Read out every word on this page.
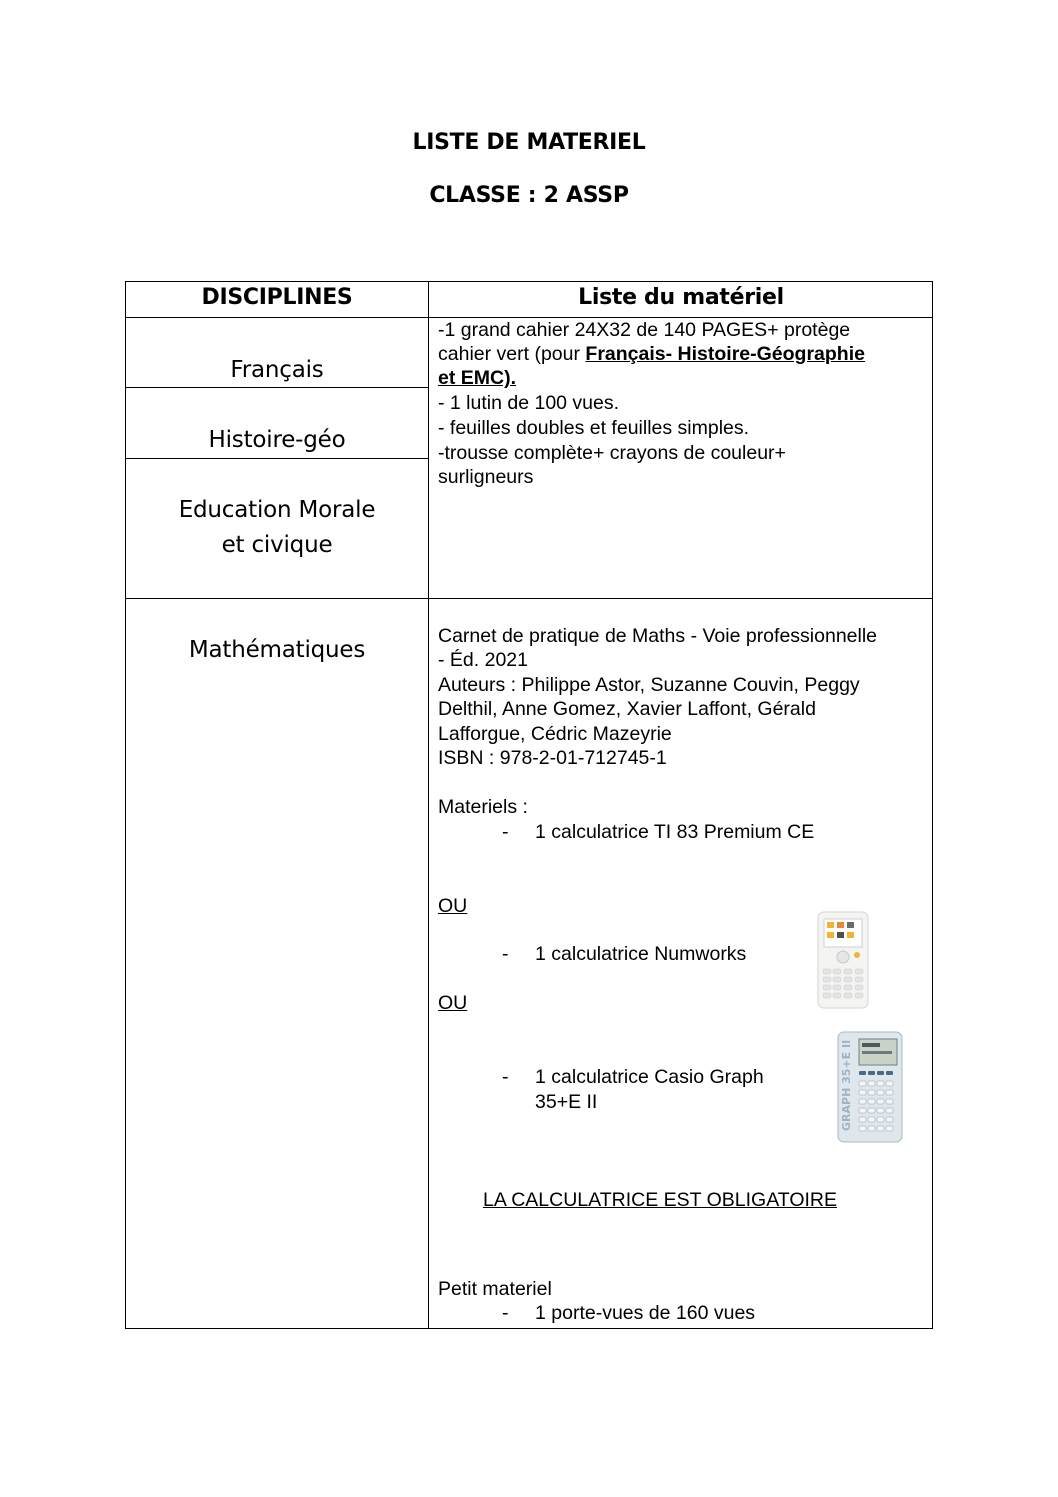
LISTE DE MATERIEL
CLASSE : 2 ASSP
DISCIPLINES	Liste du matériel
Français
Histoire-géo
Education Morale et civique
Mathématiques
-1 grand cahier 24X32 de 140 PAGES+ protège
cahier vert (pour Français- Histoire-Géographie
et EMC).
- 1 lutin de 100 vues.
- feuilles doubles et feuilles simples.
-trousse complète+ crayons de couleur+
surligneurs
Carnet de pratique de Maths - Voie professionnelle
- Éd. 2021
Auteurs : Philippe Astor, Suzanne Couvin, Peggy
Delthil, Anne Gomez, Xavier Laffont, Gérald
Lafforgue, Cédric Mazeyrie
ISBN : 978-2-01-712745-1
Materiels :
- 1 calculatrice TI 83 Premium CE
OU
- 1 calculatrice Numworks
OU
- 1 calculatrice Casio Graph
35+E II
LA CALCULATRICE EST OBLIGATOIRE
Petit materiel
- 1 porte-vues de 160 vues
GRAPH 35+E II
